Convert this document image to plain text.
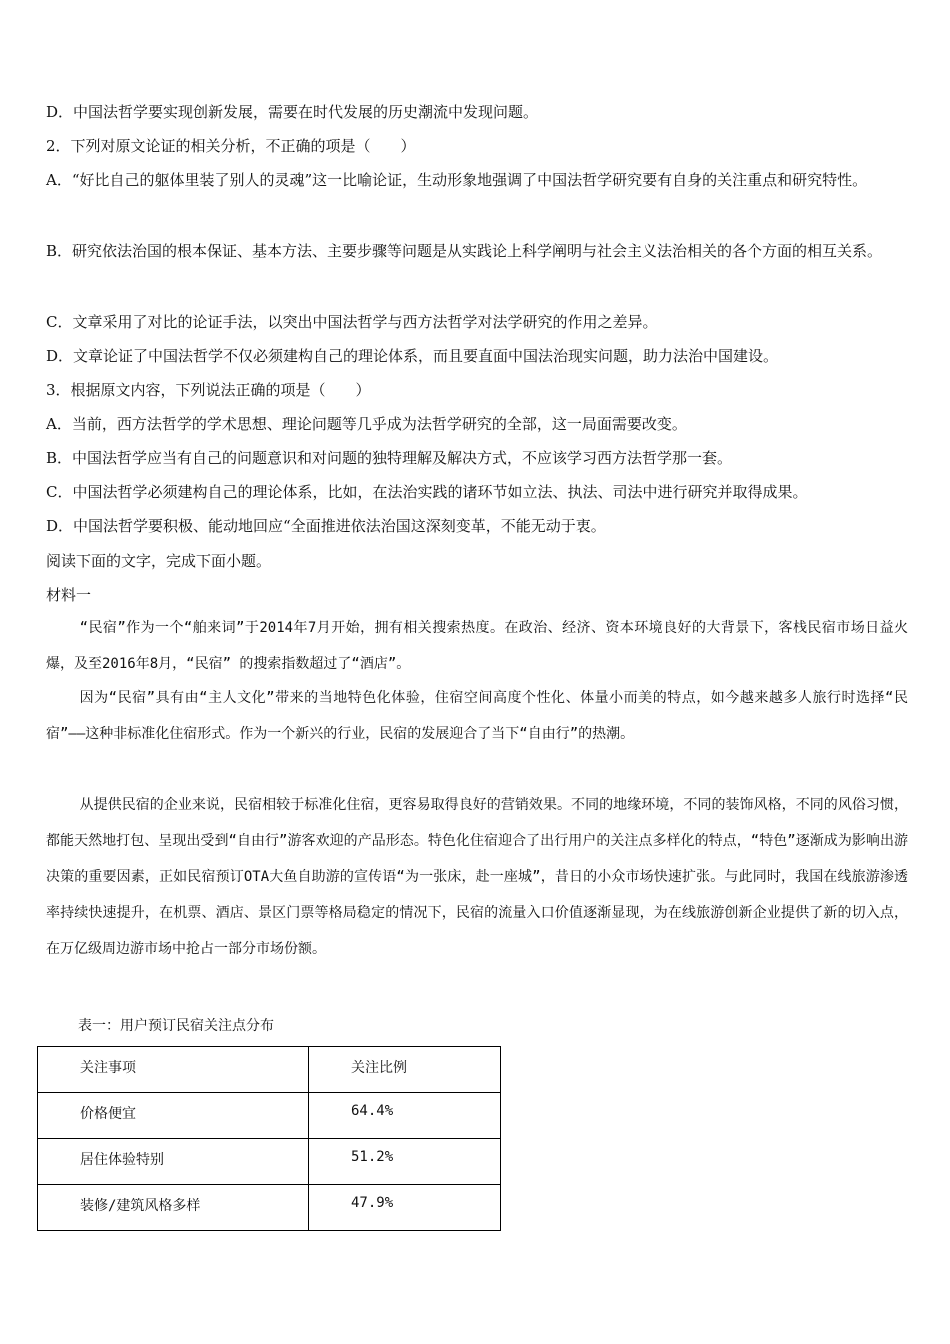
D．中国法哲学要实现创新发展，需要在时代发展的历史潮流中发现问题。
2．下列对原文论证的相关分析，不正确的项是（　　）
A．“好比自己的躯体里装了别人的灵魂”这一比喻论证，生动形象地强调了中国法哲学研究要有自身的关注重点和研究特性。
B．研究依法治国的根本保证、基本方法、主要步骤等问题是从实践论上科学阐明与社会主义法治相关的各个方面的相互关系。
C．文章采用了对比的论证手法，以突出中国法哲学与西方法哲学对法学研究的作用之差异。
D．文章论证了中国法哲学不仅必须建构自己的理论体系，而且要直面中国法治现实问题，助力法治中国建设。
3．根据原文内容，下列说法正确的项是（　　）
A．当前，西方法哲学的学术思想、理论问题等几乎成为法哲学研究的全部，这一局面需要改变。
B．中国法哲学应当有自己的问题意识和对问题的独特理解及解决方式，不应该学习西方法哲学那一套。
C．中国法哲学必须建构自己的理论体系，比如，在法治实践的诸环节如立法、执法、司法中进行研究并取得成果。
D．中国法哲学要积极、能动地回应“全面推进依法治国这深刻变革，不能无动于衷。
阅读下面的文字，完成下面小题。
材料一
“民宿”作为一个“舶来词”于2014年7月开始，拥有相关搜索热度。在政治、经济、资本环境良好的大背景下，客栈民宿市场日益火爆，及至2016年8月，“民宿” 的搜索指数超过了“酒店”。
因为“民宿”具有由“主人文化”带来的当地特色化体验，住宿空间高度个性化、体量小而美的特点，如今越来越多人旅行时选择“民宿”——这种非标准化住宿形式。作为一个新兴的行业，民宿的发展迎合了当下“自由行”的热潮。
从提供民宿的企业来说，民宿相较于标准化住宿，更容易取得良好的营销效果。不同的地缘环境，不同的装饰风格，不同的风俗习惯，都能天然地打包、呈现出受到“自由行”游客欢迎的产品形态。特色化住宿迎合了出行用户的关注点多样化的特点，“特色”逐渐成为影响出游决策的重要因素，正如民宿预订OTA大鱼自助游的宣传语“为一张床，赴一座城”，昔日的小众市场快速扩张。与此同时，我国在线旅游渗透率持续快速提升，在机票、酒店、景区门票等格局稳定的情况下，民宿的流量入口价值逐渐显现，为在线旅游创新企业提供了新的切入点，在万亿级周边游市场中抢占一部分市场份额。
表一：用户预订民宿关注点分布
关注事项	关注比例

价格便宜	64.4%

居住体验特别	51.2%

装修/建筑风格多样	47.9%
